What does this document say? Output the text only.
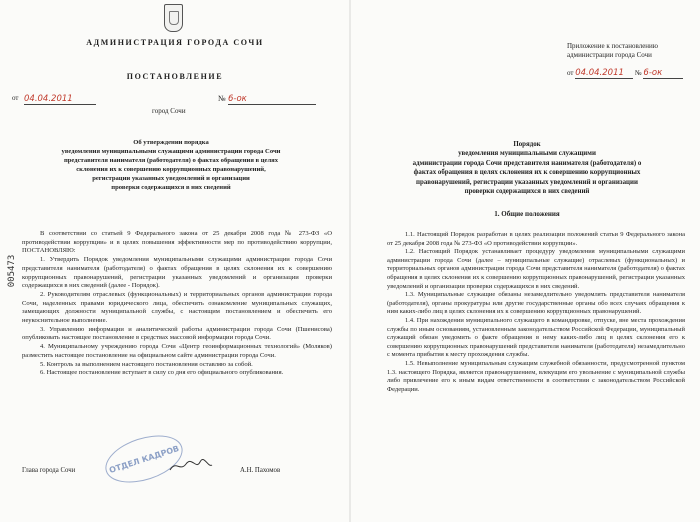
АДМИНИСТРАЦИЯ ГОРОДА СОЧИ
ПОСТАНОВЛЕНИЕ
от 04.04.2011	№ 6-ок
город Сочи
005473
Об утверждении порядка
уведомления муниципальными служащими администрации города Сочи
представителя нанимателя (работодателя) о фактах обращения в целях
склонения их к совершению коррупционных правонарушений,
регистрации указанных уведомлений и организации
проверки содержащихся в них сведений

В соответствии со статьей 9 Федерального закона от 25 декабря 2008 года № 273-ФЗ «О противодействии коррупции» и в целях повышения эффективности мер по противодействию коррупции, ПОСТАНОВЛЯЮ:

1. Утвердить Порядок уведомления муниципальными служащими администрации города Сочи представителя нанимателя (работодателя) о фактах обращения в целях склонения их к совершению коррупционных правонарушений, регистрации указанных уведомлений и организации проверки содержащихся в них сведений (далее - Порядок).

2. Руководителям отраслевых (функциональных) и территориальных органов администрации города Сочи, наделенных правами юридического лица, обеспечить ознакомление муниципальных служащих, замещающих должности муниципальной службы, с настоящим постановлением и обеспечить его неукоснительное выполнение.

3. Управлению информации и аналитической работы администрации города Сочи (Пшенисова) опубликовать настоящее постановление в средствах массовой информации города Сочи.

4. Муниципальному учреждению города Сочи «Центр геоинформационных технологий» (Моляков) разместить настоящее постановление на официальном сайте администрации города Сочи.

5. Контроль за выполнением настоящего постановления оставляю за собой.

6. Настоящее постановление вступает в силу со дня его официального опубликования.

ОТДЕЛ КАДРОВ
Глава города Сочи	А.Н. Пахомов
Приложение к постановлению
администрации города Сочи
от 04.04.2011 № 6-ок
Порядок
уведомления муниципальными служащими
администрации города Сочи представителя нанимателя (работодателя) о
фактах обращения в целях склонения их к совершению коррупционных
правонарушений, регистрации указанных уведомлений и организации
проверки содержащихся в них сведений
1. Общие положения

1.1. Настоящий Порядок разработан в целях реализации положений статьи 9 Федерального закона от 25 декабря 2008 года № 273-ФЗ «О противодействии коррупции».

1.2. Настоящий Порядок устанавливает процедуру уведомления муниципальными служащими администрации города Сочи (далее – муниципальные служащие) отраслевых (функциональных) и территориальных органов администрации города Сочи представителя нанимателя (работодателя) о фактах обращения в целях склонения их к совершению коррупционных правонарушений, регистрации указанных уведомлений и организации проверки содержащихся в них сведений.

1.3. Муниципальные служащие обязаны незамедлительно уведомлять представителя нанимателя (работодателя), органы прокуратуры или другие государственные органы обо всех случаях обращения к ним каких-либо лиц в целях склонения их к совершению коррупционных правонарушений.

1.4. При нахождении муниципального служащего в командировке, отпуске, вне места прохождения службы по иным основаниям, установленным законодательством Российской Федерации, муниципальный служащий обязан уведомить о факте обращения в нему каких-либо лиц в целях склонения его к совершению коррупционных правонарушений представителя нанимателя (работодателя) незамедлительно с момента прибытия к месту прохождения службы.

1.5. Невыполнение муниципальным служащим служебной обязанности, предусмотренной пунктом 1.3. настоящего Порядка, является правонарушением, влекущим его увольнение с муниципальной службы либо привлечение его к иным видам ответственности в соответствии с законодательством Российской Федерации.
